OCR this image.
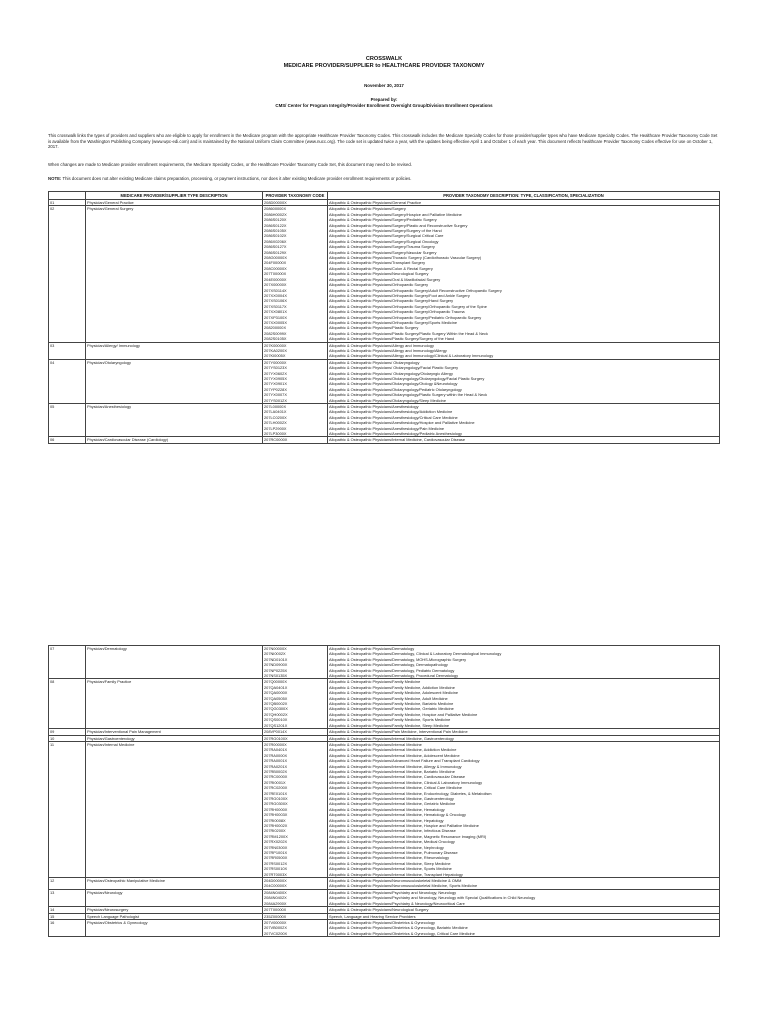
CROSSWALK
MEDICARE PROVIDER/SUPPLIER to HEALTHCARE PROVIDER TAXONOMY
November 30, 2017
Prepared by:
CMS/ Center for Program Integrity/Provider Enrollment Oversight Group/Division Enrollment Operations
This crosswalk links the types of providers and suppliers who are eligible to apply for enrollment in the Medicare program with the appropriate Healthcare Provider Taxonomy Codes. This crosswalk includes the Medicare Specialty Codes for those provider/supplier types who have Medicare Specialty Codes. The Healthcare Provider Taxonomy Code Set is available from the Washington Publishing Company (www.wpc-edi.com) and is maintained by the National Uniform Claim Committee (www.nucc.org). The code set is updated twice a year, with the updates being effective April 1 and October 1 of each year. This document reflects healthcare Provider Taxonomy Codes effective for use on October 1, 2017.
When changes are made to Medicare provider enrollment requirements, the Medicare Specialty Codes, or the Healthcare Provider Taxonomy Code Set, this document may need to be revised.
NOTE: This document does not alter existing Medicare claims preparation, processing, or payment instructions, nor does it alter existing Medicare provider enrollment requirements or policies.
	MEDICARE PROVIDER/SUPPLIER TYPE DESCRIPTION	PROVIDER TAXONOMY CODE	PROVIDER TAXONOMY DESCRIPTION: TYPE, CLASSIFICATION, SPECIALIZATION
01	Physician/General Practice	208D00000X	Allopathic & Osteopathic Physicians/General Practice
02	Physician/General Surgery	208600000X	Allopathic & Osteopathic Physicians/Surgery
		2086H0002X	Allopathic & Osteopathic Physicians/Surgery/Hospice and Palliative Medicine
		2086S0120X	Allopathic & Osteopathic Physicians/Surgery/Pediatric Surgery
		2086S0122X	Allopathic & Osteopathic Physicians/Surgery/Plastic and Reconstructive Surgery
		2086S0105X	Allopathic & Osteopathic Physicians/Surgery/Surgery of the Hand
		2086S0102X	Allopathic & Osteopathic Physicians/Surgery/Surgical Critical Care
		2086X0206X	Allopathic & Osteopathic Physicians/Surgery/Surgical Oncology
		2086S0127X	Allopathic & Osteopathic Physicians/Surgery/Trauma Surgery
		2086S0129X	Allopathic & Osteopathic Physicians/Surgery/Vascular Surgery
		208G00000X	Allopathic & Osteopathic Physicians/Thoracic Surgery (Cardiothoracic Vascular Surgery)
		204F00000X	Allopathic & Osteopathic Physicians/Transplant Surgery
		208C00000X	Allopathic & Osteopathic Physicians/Colon & Rectal Surgery
		207T00000X	Allopathic & Osteopathic Physicians/Neurological Surgery
		204E00000X	Allopathic & Osteopathic Physicians/Oral & Maxillofacial Surgery
		207X00000X	Allopathic & Osteopathic Physicians/Orthopaedic Surgery
		207XS0114X	Allopathic & Osteopathic Physicians/Orthopaedic Surgery/Adult Reconstructive Orthopaedic Surgery
		207XX0004X	Allopathic & Osteopathic Physicians/Orthopaedic Surgery/Foot and Ankle Surgery
		207XS0106X	Allopathic & Osteopathic Physicians/Orthopaedic Surgery/Hand Surgery
		207XS0117X	Allopathic & Osteopathic Physicians/Orthopaedic Surgery/Orthopaedic Surgery of the Spine
		207XX0801X	Allopathic & Osteopathic Physicians/Orthopaedic Surgery/Orthopaedic Trauma
		207XP3100X	Allopathic & Osteopathic Physicians/Orthopaedic Surgery/Pediatric Orthopaedic Surgery
		207XX0005X	Allopathic & Osteopathic Physicians/Orthopaedic Surgery/Sports Medicine
		208200000X	Allopathic & Osteopathic Physicians/Plastic Surgery
		2082S0099X	Allopathic & Osteopathic Physicians/Plastic Surgery/Plastic Surgery Within the Head & Neck
		2082S0105X	Allopathic & Osteopathic Physicians/Plastic Surgery/Surgery of the Hand
03	Physician/Allergy/ Immunology	207K00000X	Allopathic & Osteopathic Physicians/Allergy and Immunology
		207KA0200X	Allopathic & Osteopathic Physicians/Allergy and Immunology/Allergy
		207KI0005X	Allopathic & Osteopathic Physicians/Allergy and Immunology/Clinical & Laboratory Immunology
04	Physician/Otolaryngology	207Y00000X	Allopathic & Osteopathic Physicians/ Otolaryngology
		207YS0123X	Allopathic & Osteopathic Physicians/ Otolaryngology/Facial Plastic Surgery
		207YX0602X	Allopathic & Osteopathic Physicians/ Otolaryngology/Otolaryngic Allergy
		207YX0905X	Allopathic & Osteopathic Physicians/Otolaryngology/Otolaryngology/Facial Plastic Surgery
		207YX0901X	Allopathic & Osteopathic Physicians/Otolaryngology/Otology &Neurotology
		207YP0228X	Allopathic & Osteopathic Physicians/Otolaryngology/Pediatric Otolaryngology
		207YX0007X	Allopathic & Osteopathic Physicians/Otolaryngology/Plastic Surgery within the Head & Neck
		207YS0012X	Allopathic & Osteopathic Physicians/Otolaryngology/Sleep Medicine
05	Physician/Anesthesiology	207L00000X	Allopathic & Osteopathic Physicians/Anesthesiology
		207LA0401X	Allopathic & Osteopathic Physicians/Anesthesiology/Addiction Medicine
		207LC0200X	Allopathic & Osteopathic Physicians/Anesthesiology/Critical Care Medicine
		207LH0002X	Allopathic & Osteopathic Physicians/Anesthesiology/Hospice and Palliative Medicine
		207LP2900X	Allopathic & Osteopathic Physicians/Anesthesiology/Pain Medicine
		207LP3000X	Allopathic & Osteopathic Physicians/Anesthesiology/Pediatric Anesthesiology
06	Physician/Cardiovascular Disease (Cardiology)	207RC0000X	Allopathic & Osteopathic Physicians/Internal Medicine, Cardiovascular Disease
07	Physician/Dermatology	207N00000X	Allopathic & Osteopathic Physicians/Dermatology
		207NI0002X	Allopathic & Osteopathic Physicians/Dermatology, Clinical & Laboratory Dermatological Immunology
		207ND0101X	Allopathic & Osteopathic Physicians/Dermatology, MOHS-Micrographic Surgery
		207ND0900X	Allopathic & Osteopathic Physicians/Dermatology, Dermatopathology
		207NP0225X	Allopathic & Osteopathic Physicians/Dermatology, Pediatric Dermatology
		207NS0135X	Allopathic & Osteopathic Physicians/Dermatology, Procedural Dermatology
08	Physician/Family Practice	207Q00000X	Allopathic & Osteopathic Physicians/Family Medicine
		207QA0401X	Allopathic & Osteopathic Physicians/Family Medicine, Addiction Medicine
		207QA0000X	Allopathic & Osteopathic Physicians/Family Medicine, Adolescent Medicine
		207QA0505X	Allopathic & Osteopathic Physicians/Family Medicine, Adult Medicine
		207QB0002X	Allopathic & Osteopathic Physicians/Family Medicine, Bariatric Medicine
		207QG0300X	Allopathic & Osteopathic Physicians/Family Medicine, Geriatric Medicine
		207QH0002X	Allopathic & Osteopathic Physicians/Family Medicine, Hospice and Palliative Medicine
		207QS0010X	Allopathic & Osteopathic Physicians/Family Medicine, Sports Medicine
		207QS1201X	Allopathic & Osteopathic Physicians/Family Medicine, Sleep Medicine
09	Physician/Interventional Pain Management	208VP0014X	Allopathic & Osteopathic Physicians/Pain Medicine, Interventional Pain Medicine
10	Physician/Gastroenterology	207RG0100X	Allopathic & Osteopathic Physicians/Internal Medicine, Gastroenterology
11	Physician/Internal Medicine	207R00000X	Allopathic & Osteopathic Physicians/Internal Medicine
		207RA0401X	Allopathic & Osteopathic Physicians/Internal Medicine, Addiction Medicine
		207RA0000X	Allopathic & Osteopathic Physicians/Internal Medicine, Adolescent Medicine
		207RA0001X	Allopathic & Osteopathic Physicians/Advanced Heart Failure and Transplant Cardiology
		207RA0201X	Allopathic & Osteopathic Physicians/Internal Medicine, Allergy & Immunology
		207RB0002X	Allopathic & Osteopathic Physicians/Internal Medicine, Bariatric Medicine
		207RC0000X	Allopathic & Osteopathic Physicians/Internal Medicine, Cardiovascular Disease
		207RI0001X	Allopathic & Osteopathic Physicians/Internal Medicine, Clinical & Laboratory Immunology
		207RC0200X	Allopathic & Osteopathic Physicians/Internal Medicine, Critical Care Medicine
		207RE0101X	Allopathic & Osteopathic Physicians/Internal Medicine, Endocrinology, Diabetes, & Metabolism
		207RG0100X	Allopathic & Osteopathic Physicians/Internal Medicine, Gastroenterology
		207RG0300X	Allopathic & Osteopathic Physicians/Internal Medicine, Geriatric Medicine
		207RH0000X	Allopathic & Osteopathic Physicians/Internal Medicine, Hematology
		207RH0003X	Allopathic & Osteopathic Physicians/Internal Medicine, Hematology & Oncology
		207RI0008X	Allopathic & Osteopathic Physicians/Internal Medicine, Hepatology
		207RH0002X	Allopathic & Osteopathic Physicians/Internal Medicine, Hospice and Palliative Medicine
		207RI0200X	Allopathic & Osteopathic Physicians/Internal Medicine, Infectious Disease
		207RM1200X	Allopathic & Osteopathic Physicians/Internal Medicine, Magnetic Resonance Imaging (MRI)
		207RX0202X	Allopathic & Osteopathic Physicians/Internal Medicine, Medical Oncology
		207RN0300X	Allopathic & Osteopathic Physicians/Internal Medicine, Nephrology
		207RP1001X	Allopathic & Osteopathic Physicians/Internal Medicine, Pulmonary Disease
		207RR0500X	Allopathic & Osteopathic Physicians/Internal Medicine, Rheumatology
		207RS0012X	Allopathic & Osteopathic Physicians/Internal Medicine, Sleep Medicine
		207RS0010X	Allopathic & Osteopathic Physicians/Internal Medicine, Sports Medicine
		207RT0003X	Allopathic & Osteopathic Physicians/Internal Medicine, Transplant Hepatology
12	Physician/Osteopathic Manipulative Medicine	204D00000X	Allopathic & Osteopathic Physicians/Neuromusculoskeletal Medicine & OMM
		204C00000X	Allopathic & Osteopathic Physicians/Neuromusculoskeletal Medicine, Sports Medicine
13	Physician/Neurology	2084N0400X	Allopathic & Osteopathic Physicians/Psychiatry and Neurology, Neurology
		2084N0402X	Allopathic & Osteopathic Physicians/Psychiatry and Neurology, Neurology with Special Qualifications in Child Neurology
		2084A2900X	Allopathic & Osteopathic Physicians/Psychiatry & Neurology/Neurocritical Care
14	Physician/Neurosurgery	207T00000X	Allopathic & Osteopathic Physicians/Neurological Surgery
15	Speech Language Pathologist	235Z00000X	Speech, Language and Hearing Service Providers
16	Physician/Obstetrics & Gynecology	207V00000X	Allopathic & Osteopathic Physicians/Obstetrics & Gynecology
		207VB0002X	Allopathic & Osteopathic Physicians/Obstetrics & Gynecology, Bariatric Medicine
		207VC0200X	Allopathic & Osteopathic Physicians/Obstetrics & Gynecology, Critical Care Medicine
